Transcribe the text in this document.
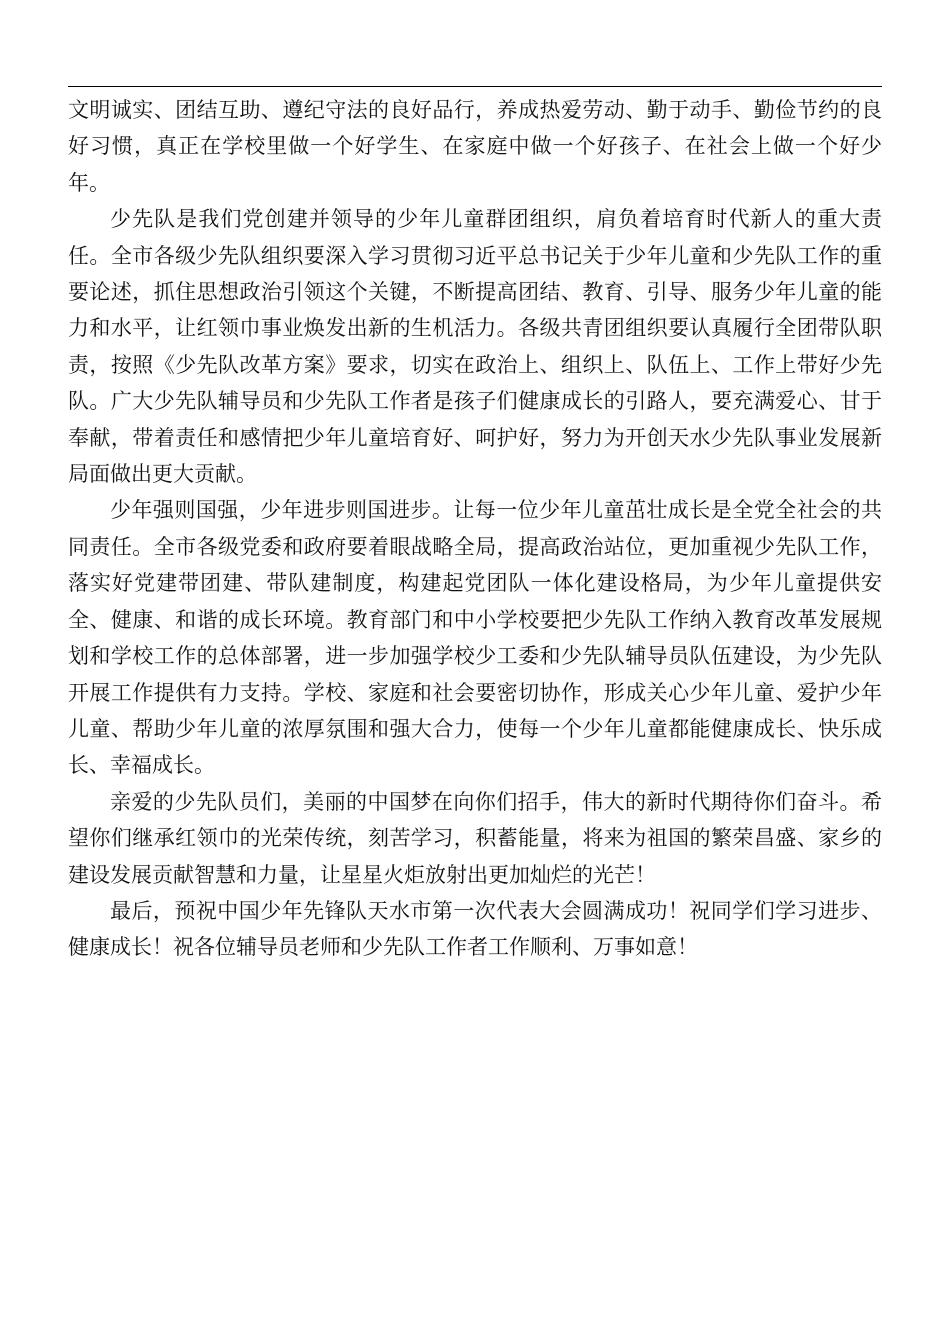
文明诚实、团结互助、遵纪守法的良好品行，养成热爱劳动、勤于动手、勤俭节约的良好习惯，真正在学校里做一个好学生、在家庭中做一个好孩子、在社会上做一个好少年。

少先队是我们党创建并领导的少年儿童群团组织，肩负着培育时代新人的重大责任。全市各级少先队组织要深入学习贯彻习近平总书记关于少年儿童和少先队工作的重要论述，抓住思想政治引领这个关键，不断提高团结、教育、引导、服务少年儿童的能力和水平，让红领巾事业焕发出新的生机活力。各级共青团组织要认真履行全团带队职责，按照《少先队改革方案》要求，切实在政治上、组织上、队伍上、工作上带好少先队。广大少先队辅导员和少先队工作者是孩子们健康成长的引路人，要充满爱心、甘于奉献，带着责任和感情把少年儿童培育好、呵护好，努力为开创天水少先队事业发展新局面做出更大贡献。

少年强则国强，少年进步则国进步。让每一位少年儿童茁壮成长是全党全社会的共同责任。全市各级党委和政府要着眼战略全局，提高政治站位，更加重视少先队工作，落实好党建带团建、带队建制度，构建起党团队一体化建设格局，为少年儿童提供安全、健康、和谐的成长环境。教育部门和中小学校要把少先队工作纳入教育改革发展规划和学校工作的总体部署，进一步加强学校少工委和少先队辅导员队伍建设，为少先队开展工作提供有力支持。学校、家庭和社会要密切协作，形成关心少年儿童、爱护少年儿童、帮助少年儿童的浓厚氛围和强大合力，使每一个少年儿童都能健康成长、快乐成长、幸福成长。

亲爱的少先队员们，美丽的中国梦在向你们招手，伟大的新时代期待你们奋斗。希望你们继承红领巾的光荣传统，刻苦学习，积蓄能量，将来为祖国的繁荣昌盛、家乡的建设发展贡献智慧和力量，让星星火炬放射出更加灿烂的光芒！

最后，预祝中国少年先锋队天水市第一次代表大会圆满成功！祝同学们学习进步、健康成长！祝各位辅导员老师和少先队工作者工作顺利、万事如意！
